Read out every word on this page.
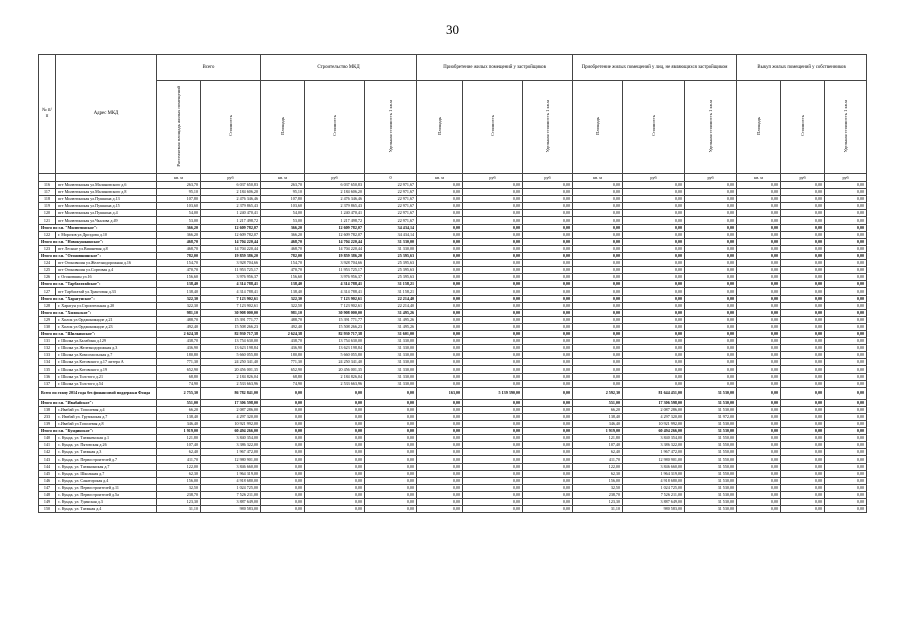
30
№ п/п	Адрес МКД	Всего		Строительство МКД			Приобретение жилых помещений у застройщиков			Приобретение жилых помещений у лиц, не являющихся застройщиком			Выкуп жилых помещений у собственников		
		Расселяемая площадь жилых помещений	Стоимость	Площадь	Стоимость	Удельная стоимость 1 кв.м	Площадь	Стоимость	Удельная стоимость 1 кв.м	Площадь	Стоимость	Удельная стоимость 1 кв.м	Площадь	Стоимость	Удельная стоимость 1 кв.м
		кв. м	руб	кв. м	руб	0	кв. м	руб	руб	кв. м	руб	руб	кв. м	руб	руб
116	пгт Милютинская ул.Малиновского д.6	263,70	6 037 650,83	263,70	6 037 650,83	22 971,67	0,00	0,00	0,00	0,00	0,00	0,00	0,00	0,00	0,00
117	пгт Милютинская ул.Малиновского д.8	95,10	2 184 606,20	95,10	2 184 606,20	22 971,67	0,00	0,00	0,00	0,00	0,00	0,00	0,00	0,00	0,00
118	пгт Милютинская ул.Пушкина д.13	107,80	2 476 346,46	107,80	2 476 346,46	22 971,67	0,00	0,00	0,00	0,00	0,00	0,00	0,00	0,00	0,00
119	пгт Милютинская ул.Пушкина д.15	103,60	2 379 865,43	103,60	2 379 865,43	22 971,67	0,00	0,00	0,00	0,00	0,00	0,00	0,00	0,00	0,00
120	пгт Милютинская ул.Пушкина д.4	54,00	1 240 470,41	54,00	1 240 470,41	22 971,67	0,00	0,00	0,00	0,00	0,00	0,00	0,00	0,00	0,00
121	пгт Милютинская ул.Чкалова д.49	53,00	1 217 498,72	53,00	1 217 498,72	22 971,67	0,00	0,00	0,00	0,00	0,00	0,00	0,00	0,00	0,00
Итого по г.п. "Милютинское":		366,20	12 609 782,07	366,20	12 609 782,07	34 434,14	0,00	0,00	0,00	0,00	0,00	0,00	0,00	0,00	0,00
122	г. Морозов ул.Дроздова д.10	366,20	12 609 782,07	366,20	12 609 782,07	34 434,14	0,00	0,00	0,00	0,00	0,00	0,00	0,00	0,00	0,00
Итого по г.п. "Новокушкинское":		468,70	14 704 220,44	468,70	14 704 220,44	31 330,00	0,00	0,00	0,00	0,00	0,00	0,00	0,00	0,00	0,00
123	пгт Лесные ул.Вишневая д.8	468,70	14 704 220,44	468,70	14 704 220,44	31 330,00	0,00	0,00	0,00	0,00	0,00	0,00	0,00	0,00	0,00
Итого по г.п. "Огоновшинское":		782,00	19 859 386,20	782,00	19 859 386,20	25 395,63	0,00	0,00	0,00	0,00	0,00	0,00	0,00	0,00	0,00
124	пгт Огоновшин ул.Железнодорожная д.16	154,70	3 928 704,66	154,70	3 928 704,66	25 395,63	0,00	0,00	0,00	0,00	0,00	0,00	0,00	0,00	0,00
125	пгт Огоновшин ул.Сортовая д.4	470,70	11 953 725,17	470,70	11 953 725,17	25 395,63	0,00	0,00	0,00	0,00	0,00	0,00	0,00	0,00	0,00
126	г. Огоновшин ул.16	156,60	3 976 956,37	156,60	3 976 956,37	25 395,63	0,00	0,00	0,00	0,00	0,00	0,00	0,00	0,00	0,00
Итого по г.п. "Тарбагатайское":		138,40	4 314 788,41	138,40	4 314 788,41	31 158,21	0,00	0,00	0,00	0,00	0,00	0,00	0,00	0,00	0,00
127	пгт Тарбагатай ул.Трактовая д.33	138,40	4 314 788,41	138,40	4 314 788,41	31 158,21	0,00	0,00	0,00	0,00	0,00	0,00	0,00	0,00	0,00
Итого по г.п. "Харагунское":		322,30	7 123 902,61	322,30	7 123 902,61	22 214,40	0,00	0,00	0,00	0,00	0,00	0,00	0,00	0,00	0,00
128	г. Харагун ул.Строительная д.20	322,30	7 123 902,61	322,50	7 123 902,61	22 214,40	0,00	0,00	0,00	0,00	0,00	0,00	0,00	0,00	0,00
Итого по г.п. "Хилокское":		981,10	30 908 000,00	981,10	30 908 000,00	31 495,26	0,00	0,00	0,00	0,00	0,00	0,00	0,00	0,00	0,00
129	г. Хилок ул.Орджоникидзе д.21	488,70	15 391 771,77	488,70	15 391 771,77	31 495,26	0,00	0,00	0,00	0,00	0,00	0,00	0,00	0,00	0,00
130	г. Хилок ул.Орджоникидзе д.23	492,40	15 508 266,23	492,40	15 508 266,23	31 495,26	0,00	0,00	0,00	0,00	0,00	0,00	0,00	0,00	0,00
Итого по г.п. "Шилкинское":		2 624,38	82 930 717,38	2 624,38	82 930 717,38	31 601,00	0,00	0,00	0,00	0,00	0,00	0,00	0,00	0,00	0,00
131	г. Шилка ул.Балабина д.129	438,70	13 754 630,00	438,70	13 754 630,00	31 330,00	0,00	0,00	0,00	0,00	0,00	0,00	0,00	0,00	0,00
132	г. Шилка ул.Железнодорожная д.3	436,90	13 623 198,84	436,90	13 623 198,84	31 330,00	0,00	0,00	0,00	0,00	0,00	0,00	0,00	0,00	0,00
133	г. Шилка ул.Комсомольская д.7	180,80	5 660 055,80	180,80	5 660 055,80	31 330,00	0,00	0,00	0,00	0,00	0,00	0,00	0,00	0,00	0,00
134	г. Шилка ул.Котовского д.17 литера А	771,30	24 250 341,40	771,30	24 250 341,40	31 330,00	0,00	0,00	0,00	0,00	0,00	0,00	0,00	0,00	0,00
135	г. Шилка ул.Котовского д.19	652,90	20 456 001,35	652,90	20 456 001,35	31 330,00	0,00	0,00	0,00	0,00	0,00	0,00	0,00	0,00	0,00
136	г. Шилка ул.Толстого д.21	68,80	2 184 826,04	68,80	2 184 826,04	31 330,00	0,00	0,00	0,00	0,00	0,00	0,00	0,00	0,00	0,00
137	г. Шилка ул.Толстого д.54	74,90	2 533 663,96	74,90	2 533 663,96	31 330,00	0,00	0,00	0,00	0,00	0,00	0,00	0,00	0,00	0,00
Всего по этапу 2014 года без финансовой поддержки Фонда		2 755,30	86 782 841,00	0,00	0,00	0,00	163,00	5 139 390,00	0,00	2 592,30	81 644 451,00	31 530,00	0,00	0,00	0,00
Итого по г.п. "Ивабайское":		551,00	17 306 598,00	0,00	0,00	0,00	0,00	0,00	0,00	551,00	17 306 598,00	31 530,00	0,00	0,00	0,00
138	с.Ивабай ул. Тополевая д.4	66,20	2 087 286,00	0,00	0,00	0,00	0,00	0,00	0,00	66,20	2 087 286,00	31 530,00	0,00	0,00	0,00
233	с. Ивабай ул. Грузинская д.7	138,40	4 297 320,00	0,00	0,00	0,00	0,00	0,00	0,00	138,40	4 297 320,00	31 972,00	0,00	0,00	0,00
139	с.Ивабай ул.Тополевая д.8	346,40	10 921 992,00	0,00	0,00	0,00	0,00	0,00	0,00	346,40	10 921 992,00	31 530,00	0,00	0,00	0,00
Итого по г.п. "Кундинское":		1 919,00	60 494 266,00	0,00	0,00	0,00	0,00	0,00	0,00	1 919,00	60 494 266,00	31 530,00	0,00	0,00	0,00
140	с. Кунда, ул. Таежненская д.1	121,80	3 840 354,00	0,00	0,00	0,00	0,00	0,00	0,00	121,80	3 840 354,00	31 550,00	0,00	0,00	0,00
141	с. Кунда, ул. Пятовская д.26	107,40	3 386 322,00	0,00	0,00	0,00	0,00	0,00	0,00	107,40	3 386 322,00	31 550,00	0,00	0,00	0,00
142	с. Кунда, ул. Таежная д.3	62,40	1 967 472,00	0,00	0,00	0,00	0,00	0,00	0,00	62,40	1 967 472,00	31 550,00	0,00	0,00	0,00
143	с. Кунда, ул. Первостроителей д.7	411,70	12 980 901,00	0,00	0,00	0,00	0,00	0,00	0,00	411,70	12 980 901,00	31 550,00	0,00	0,00	0,00
144	с. Кунда, ул. Таежнинская д.7	122,00	3 846 660,00	0,00	0,00	0,00	0,00	0,00	0,00	122,00	3 846 660,00	31 550,00	0,00	0,00	0,00
145	с. Кунда, ул. Школьная д.7	62,30	1 964 319,00	0,00	0,00	0,00	0,00	0,00	0,00	62,30	1 964 319,00	31 550,00	0,00	0,00	0,00
146	с. Кунда, ул. Санаторская д.4	156,00	4 918 680,00	0,00	0,00	0,00	0,00	0,00	0,00	156,00	4 918 680,00	31 530,00	0,00	0,00	0,00
147	с. Кунда, ул. Первостроителей д.11	32,50	1 024 725,00	0,00	0,00	0,00	0,00	0,00	0,00	32,50	1 024 725,00	31 530,00	0,00	0,00	0,00
148	с. Кунда, ул. Первостроителей д.5а	238,70	7 526 211,00	0,00	0,00	0,00	0,00	0,00	0,00	238,70	7 526 211,00	31 530,00	0,00	0,00	0,00
149	с. Кунда, ул. Удинская д.3	123,30	3 887 649,00	0,00	0,00	0,00	0,00	0,00	0,00	123,30	3 887 649,00	31 530,00	0,00	0,00	0,00
150	с. Кунда, ул. Таежная д.4	31,10	980 583,00	0,00	0,00	0,00	0,00	0,00	0,00	31,10	980 583,00	31 530,00	0,00	0,00	0,00
